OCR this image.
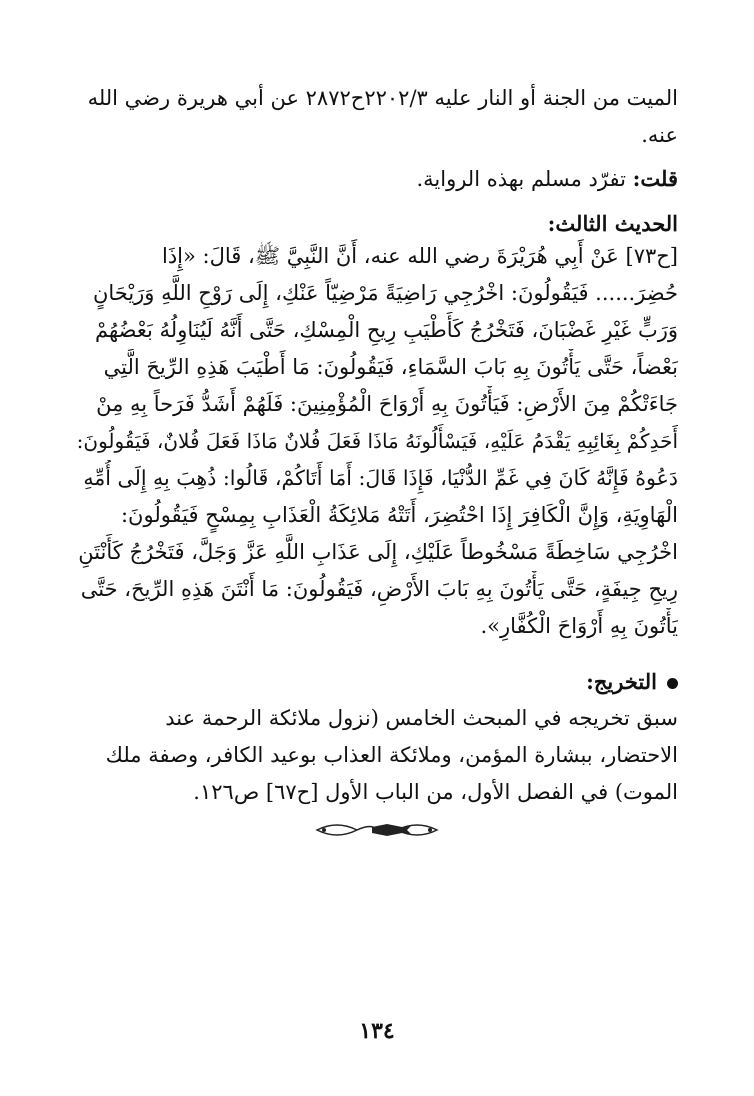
الميت من الجنة أو النار عليه ٢٢٠٢/٣ح٢٨٧٢ عن أبي هريرة رضي الله
عنه.
قلت: تفرّد مسلم بهذه الرواية.
الحديث الثالث:
[ح٧٣] عَنْ أَبِي هُرَيْرَةَ رضي الله عنه، أَنَّ النَّبِيَّ ﷺ، قَالَ: «إِذَا
حُضِرَ...... فَيَقُولُونَ: اخْرُجِي رَاضِيَةً مَرْضِيّاً عَنْكِ، إِلَى رَوْحِ اللَّهِ وَرَيْحَانٍ
وَرَبٍّ غَيْرِ غَضْبَانَ، فَتَخْرُجُ كَأَطْيَبِ رِيحِ الْمِسْكِ، حَتَّى أَنَّهُ لَيُنَاوِلُهُ بَعْضُهُمْ
بَعْضاً، حَتَّى يَأْتُونَ بِهِ بَابَ السَّمَاءِ، فَيَقُولُونَ: مَا أَطْيَبَ هَذِهِ الرِّيحَ الَّتِي
جَاءَتْكُمْ مِنَ الأَرْضِ: فَيَأْتُونَ بِهِ أَرْوَاحَ الْمُؤْمِنِينَ: فَلَهُمْ أَشَدُّ فَرَحاً بِهِ مِنْ
أَحَدِكُمْ بِغَائِبِهِ يَقْدَمُ عَلَيْهِ، فَيَسْأَلُونَهُ مَاذَا فَعَلَ فُلانٌ مَاذَا فَعَلَ فُلانٌ، فَيَقُولُونَ:
دَعُوهُ فَإِنَّهُ كَانَ فِي غَمِّ الدُّنْيَا، فَإِذَا قَالَ: أَمَا أَتَاكُمْ، قَالُوا: ذُهِبَ بِهِ إِلَى أُمِّهِ
الْهَاوِيَةِ، وَإِنَّ الْكَافِرَ إِذَا احْتُضِرَ، أَتَتْهُ مَلائِكَةُ الْعَذَابِ بِمِسْحٍ فَيَقُولُونَ:
اخْرُجِي سَاخِطَةً مَسْخُوطاً عَلَيْكِ، إِلَى عَذَابِ اللَّهِ عَزَّ وَجَلَّ، فَتَخْرُجُ كَأَنْتَنِ
رِيحِ جِيفَةٍ، حَتَّى يَأْتُونَ بِهِ بَابَ الأَرْضِ، فَيَقُولُونَ: مَا أَنْتَنَ هَذِهِ الرِّيحَ، حَتَّى
يَأْتُونَ بِهِ أَرْوَاحَ الْكُفَّارِ».
التخريج:
سبق تخريجه في المبحث الخامس (نزول ملائكة الرحمة عند
الاحتضار، ببشارة المؤمن، وملائكة العذاب بوعيد الكافر، وصفة ملك
الموت) في الفصل الأول، من الباب الأول [ح٦٧] ص١٢٦.
١٣٤
